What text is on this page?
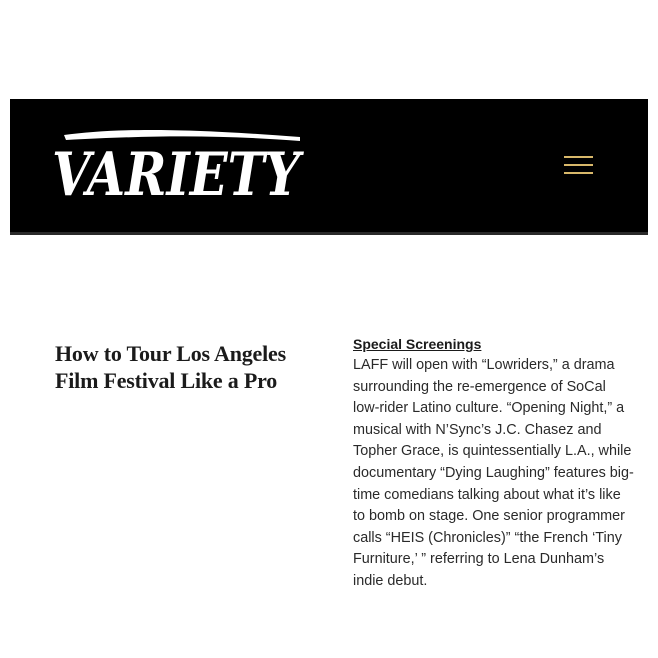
VARIETY
How to Tour Los Angeles Film Festival Like a Pro
Special Screenings

LAFF will open with “Lowriders,” a drama surrounding the re-emergence of SoCal low-rider Latino culture. “Opening Night,” a musical with N’Sync’s J.C. Chasez and Topher Grace, is quintessentially L.A., while documentary “Dying Laughing” features big-time comedians talking about what it’s like to bomb on stage. One senior programmer calls “HEIS (Chronicles)” “the French ‘Tiny Furniture,’ ” referring to Lena Dunham’s indie debut.
